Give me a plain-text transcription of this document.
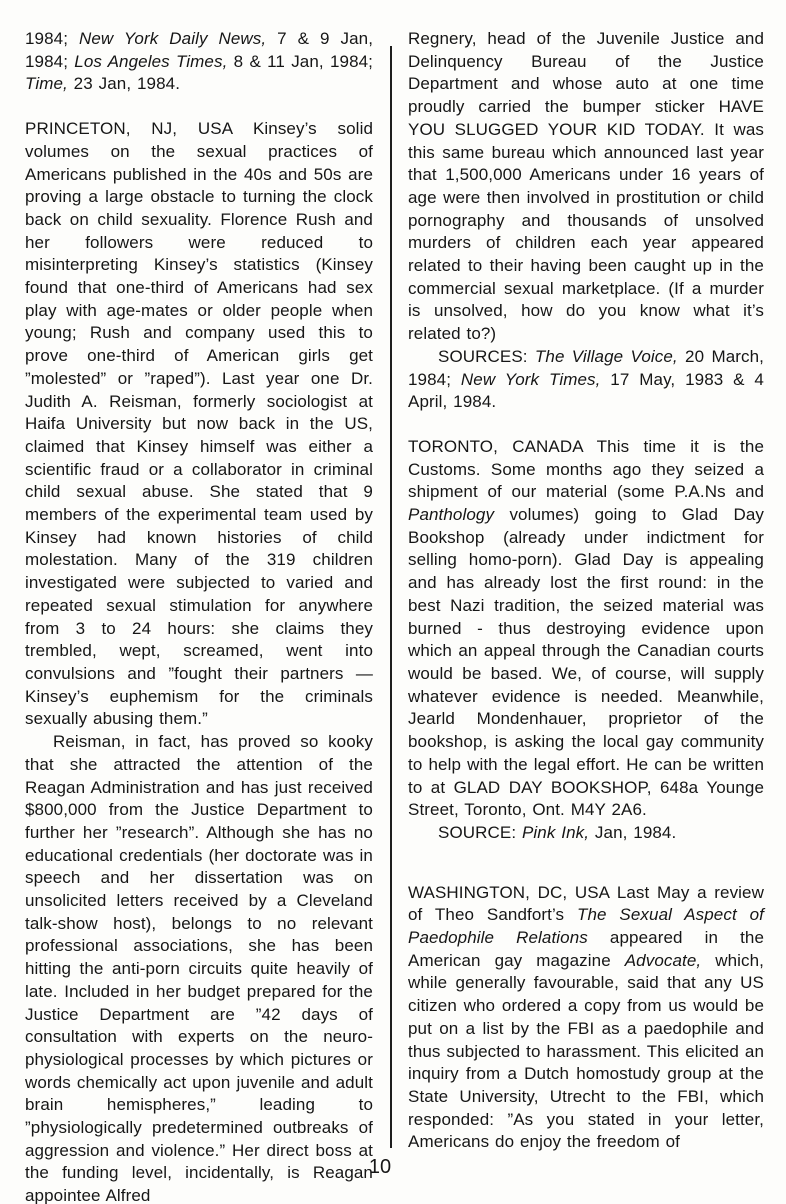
1984; New York Daily News, 7 & 9 Jan, 1984; Los Angeles Times, 8 & 11 Jan, 1984; Time, 23 Jan, 1984.

PRINCETON, NJ, USA Kinsey’s solid volumes on the sexual practices of Americans published in the 40s and 50s are proving a large obstacle to turning the clock back on child sexuality. Florence Rush and her followers were reduced to misinterpreting Kinsey’s statistics (Kinsey found that one-third of Americans had sex play with age-mates or older people when young; Rush and company used this to prove one-third of American girls get ”molested” or ”raped”). Last year one Dr. Judith A. Reisman, formerly sociologist at Haifa University but now back in the US, claimed that Kinsey himself was either a scientific fraud or a collaborator in criminal child sexual abuse. She stated that 9 members of the experimental team used by Kinsey had known histories of child molestation. Many of the 319 children investigated were subjected to varied and repeated sexual stimulation for anywhere from 3 to 24 hours: she claims they trembled, wept, screamed, went into convulsions and ”fought their partners — Kinsey’s euphemism for the criminals sexually abusing them.”

Reisman, in fact, has proved so kooky that she attracted the attention of the Reagan Administration and has just received $800,000 from the Justice Department to further her ”research”. Although she has no educational credentials (her doctorate was in speech and her dissertation was on unsolicited letters received by a Cleveland talk-show host), belongs to no relevant professional associations, she has been hitting the anti-porn circuits quite heavily of late. Included in her budget prepared for the Justice Department are ”42 days of consultation with experts on the neuro-physiological processes by which pictures or words chemically act upon juvenile and adult brain hemispheres,” leading to ”physiologically predetermined outbreaks of aggression and violence.” Her direct boss at the funding level, incidentally, is Reagan appointee Alfred

Regnery, head of the Juvenile Justice and Delinquency Bureau of the Justice Department and whose auto at one time proudly carried the bumper sticker HAVE YOU SLUGGED YOUR KID TODAY. It was this same bureau which announced last year that 1,500,000 Americans under 16 years of age were then involved in prostitution or child pornography and thousands of unsolved murders of children each year appeared related to their having been caught up in the commercial sexual marketplace. (If a murder is unsolved, how do you know what it’s related to?)

SOURCES: The Village Voice, 20 March, 1984; New York Times, 17 May, 1983 & 4 April, 1984.

TORONTO, CANADA This time it is the Customs. Some months ago they seized a shipment of our material (some P.A.Ns and Panthology volumes) going to Glad Day Bookshop (already under indictment for selling homo-porn). Glad Day is appealing and has already lost the first round: in the best Nazi tradition, the seized material was burned - thus destroying evidence upon which an appeal through the Canadian courts would be based. We, of course, will supply whatever evidence is needed. Meanwhile, Jearld Mondenhauer, proprietor of the bookshop, is asking the local gay community to help with the legal effort. He can be written to at GLAD DAY BOOKSHOP, 648a Younge Street, Toronto, Ont. M4Y 2A6.

SOURCE: Pink Ink, Jan, 1984.

WASHINGTON, DC, USA Last May a review of Theo Sandfort’s The Sexual Aspect of Paedophile Relations appeared in the American gay magazine Advocate, which, while generally favourable, said that any US citizen who ordered a copy from us would be put on a list by the FBI as a paedophile and thus subjected to harassment. This elicited an inquiry from a Dutch homostudy group at the State University, Utrecht to the FBI, which responded: ”As you stated in your letter, Americans do enjoy the freedom of

10
